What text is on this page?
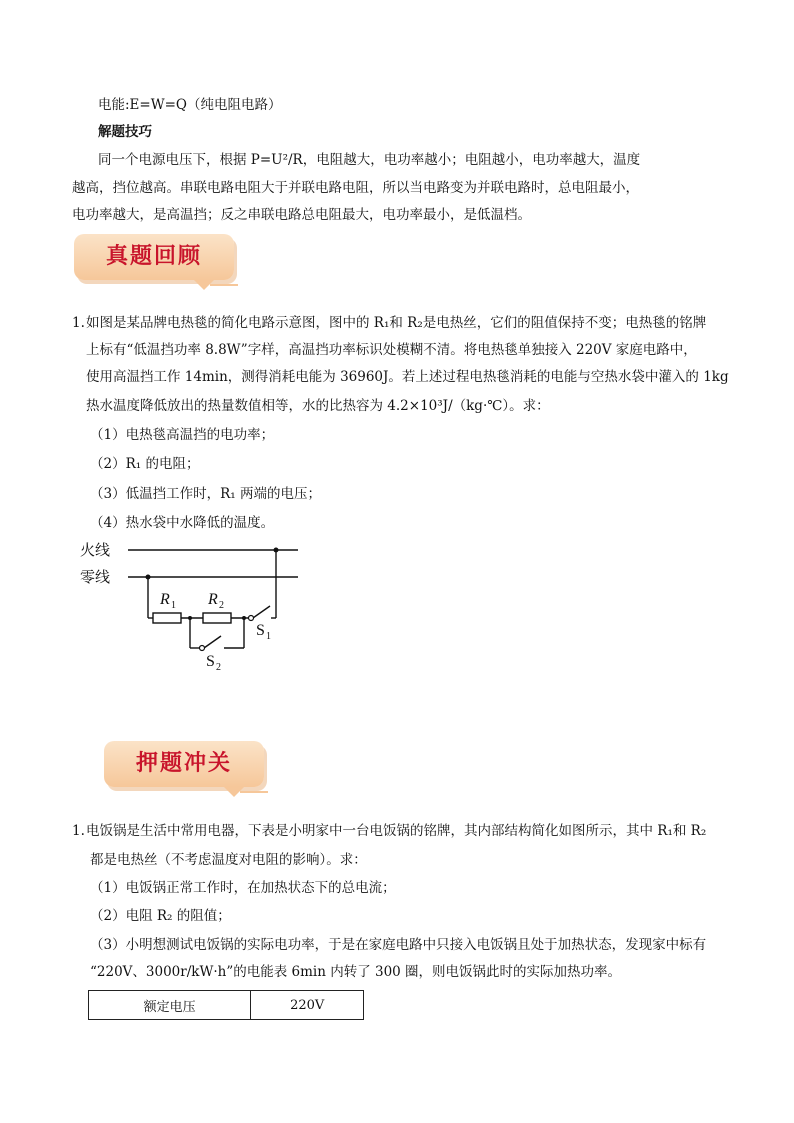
电能:E=W=Q（纯电阻电路）
解题技巧
同一个电源电压下，根据 P=U²/R，电阻越大，电功率越小；电阻越小，电功率越大，温度
越高，挡位越高。串联电路电阻大于并联电路电阻，所以当电路变为并联电路时，总电阻最小，
电功率越大，是高温挡；反之串联电路总电阻最大，电功率最小，是低温档。
真题回顾
1. 如图是某品牌电热毯的简化电路示意图，图中的 R₁和 R₂是电热丝，它们的阻值保持不变；电热毯的铭牌
上标有“低温挡功率 8.8W”字样，高温挡功率标识处模糊不清。将电热毯单独接入 220V 家庭电路中，
使用高温挡工作 14min，测得消耗电能为 36960J。若上述过程电热毯消耗的电能与空热水袋中灌入的 1kg
热水温度降低放出的热量数值相等，水的比热容为 4.2×10³J/（kg·℃）。求：
（1）电热毯高温挡的电功率；
（2）R₁ 的电阻；
（3）低温挡工作时，R₁ 两端的电压；
（4）热水袋中水降低的温度。
火线
零线
R 1 R 2
S 1
S 2
押题冲关
1. 电饭锅是生活中常用电器，下表是小明家中一台电饭锅的铭牌，其内部结构简化如图所示，其中 R₁和 R₂
都是电热丝（不考虑温度对电阻的影响）。求：
（1）电饭锅正常工作时，在加热状态下的总电流；
（2）电阻 R₂ 的阻值；
（3）小明想测试电饭锅的实际电功率，于是在家庭电路中只接入电饭锅且处于加热状态，发现家中标有
“220V、3000r/kW·h”的电能表 6min 内转了 300 圈，则电饭锅此时的实际加热功率。
额定电压	220V
